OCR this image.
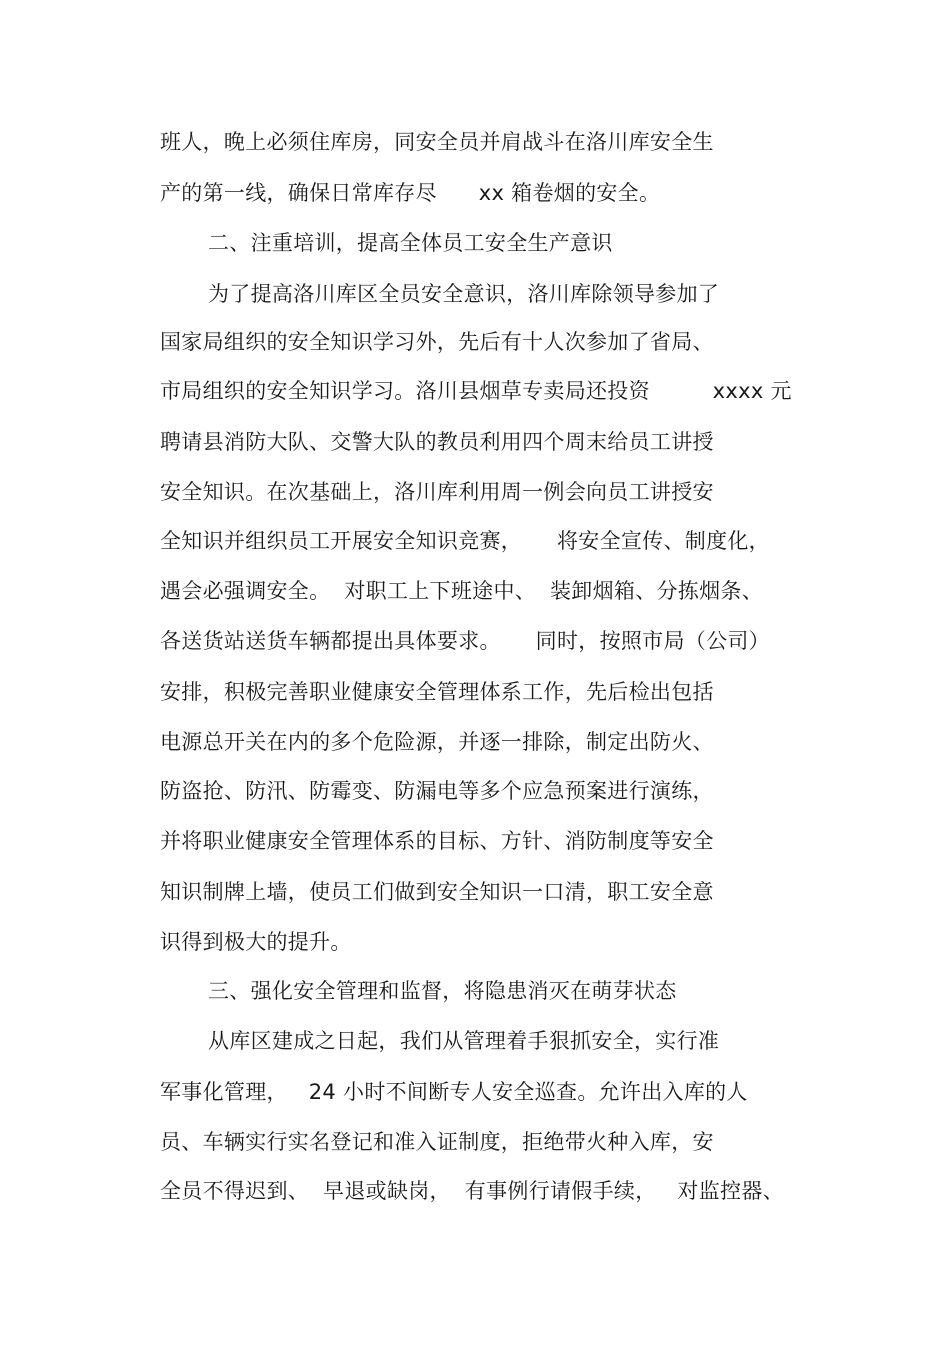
班人，晚上必须住库房，同安全员并肩战斗在洛川库安全生
产的第一线，确保日常库存尽      xx 箱卷烟的安全。
二、注重培训，提高全体员工安全生产意识
为了提高洛川库区全员安全意识，洛川库除领导参加了
国家局组织的安全知识学习外，先后有十人次参加了省局、
市局组织的安全知识学习。洛川县烟草专卖局还投资         xxxx 元
聘请县消防大队、交警大队的教员利用四个周末给员工讲授
安全知识。在次基础上，洛川库利用周一例会向员工讲授安
全知识并组织员工开展安全知识竞赛，     将安全宣传、制度化，
遇会必强调安全。  对职工上下班途中、  装卸烟箱、分拣烟条、
各送货站送货车辆都提出具体要求。     同时，按照市局（公司）
安排，积极完善职业健康安全管理体系工作，先后检出包括
电源总开关在内的多个危险源，并逐一排除，制定出防火、
防盗抢、防汛、防霉变、防漏电等多个应急预案进行演练，
并将职业健康安全管理体系的目标、方针、消防制度等安全
知识制牌上墙，使员工们做到安全知识一口清，职工安全意
识得到极大的提升。
三、强化安全管理和监督，将隐患消灭在萌芽状态
从库区建成之日起，我们从管理着手狠抓安全，实行准
军事化管理，   24 小时不间断专人安全巡查。允许出入库的人
员、车辆实行实名登记和准入证制度，拒绝带火种入库，安
全员不得迟到、  早退或缺岗，  有事例行请假手续，   对监控器、
